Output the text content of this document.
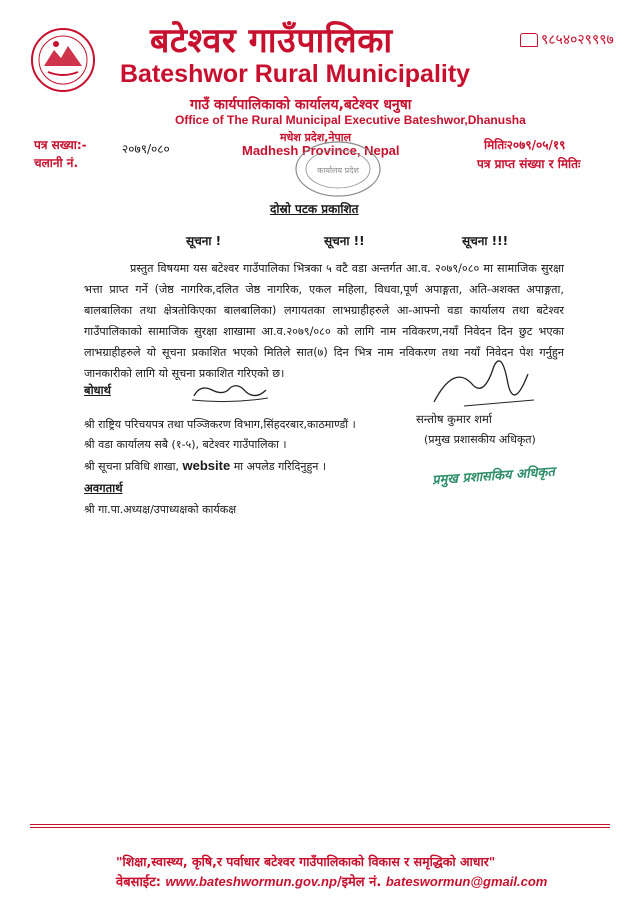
बटेश्वर गाउँपालिका
Bateshwor Rural Municipality
९८५४०२९९९७
गाउँ कार्यपालिकाको कार्यालय,बटेश्वर धनुषा
Office of The Rural Municipal Executive Bateshwor,Dhanusha
मधेश प्रदेश,नेपाल
Madhesh Province, Nepal
पत्र सख्या:-
चलानी नं.
२०७९/०८०	मितिः२०७९/०५/१९
पत्र प्राप्त संख्या र मितिः
कार्यालय प्रदेश
दोस्रो पटक प्रकाशित
सूचना !	सूचना !!	सूचना !!!
प्रस्तुत विषयमा यस बटेश्वर गाउँपालिका भित्रका ५ वटै वडा अन्तर्गत आ.व. २०७९/०८० मा सामाजिक सुरक्षा भत्ता प्राप्त गर्ने (जेष्ठ नागरिक,दलित जेष्ठ नागरिक, एकल महिला, विधवा,पूर्ण अपाङ्गता, अति-अशक्त अपाङ्गता, बालबालिका तथा क्षेत्रतोकिएका बालबालिका) लगायतका लाभग्राहीहरुले आ-आफ्नो वडा कार्यालय तथा बटेश्वर गाउँपालिकाको सामाजिक सुरक्षा शाखामा आ.व.२०७९/०८० को लागि नाम नविकरण,नयाँ निवेदन दिन छुट भएका लाभग्राहीहरुले यो सूचना प्रकाशित भएको मितिले सात(७) दिन भित्र नाम नविकरण तथा नयाँ निवेदन पेश गर्नुहुन जानकारीको लागि यो सूचना प्रकाशित गरिएको छ।
बोधार्थ
श्री राष्ट्रिय परिचयपत्र तथा पञ्जिकरण विभाग,सिंहदरबार,काठमाण्डौं ।
श्री वडा कार्यालय सबै (१-५), बटेश्वर गाउँपालिका ।
श्री सूचना प्रविधि शाखा, website मा अपलेड गरिदिनुहुन ।
अवगतार्थ
श्री गा.पा.अध्यक्ष/उपाध्यक्षको कार्यकक्ष
सन्तोष कुमार शर्मा
(प्रमुख प्रशासकीय अधिकृत)
प्रमुख प्रशासकिय अधिकृत
"शिक्षा,स्वास्थ्य, कृषि,र पर्वाधार बटेश्वर गाउँपालिकाको विकास र समृद्धिको आधार"
वेबसाईट: www.bateshwormun.gov.np/इमेल नं. bateswormun@gmail.com
